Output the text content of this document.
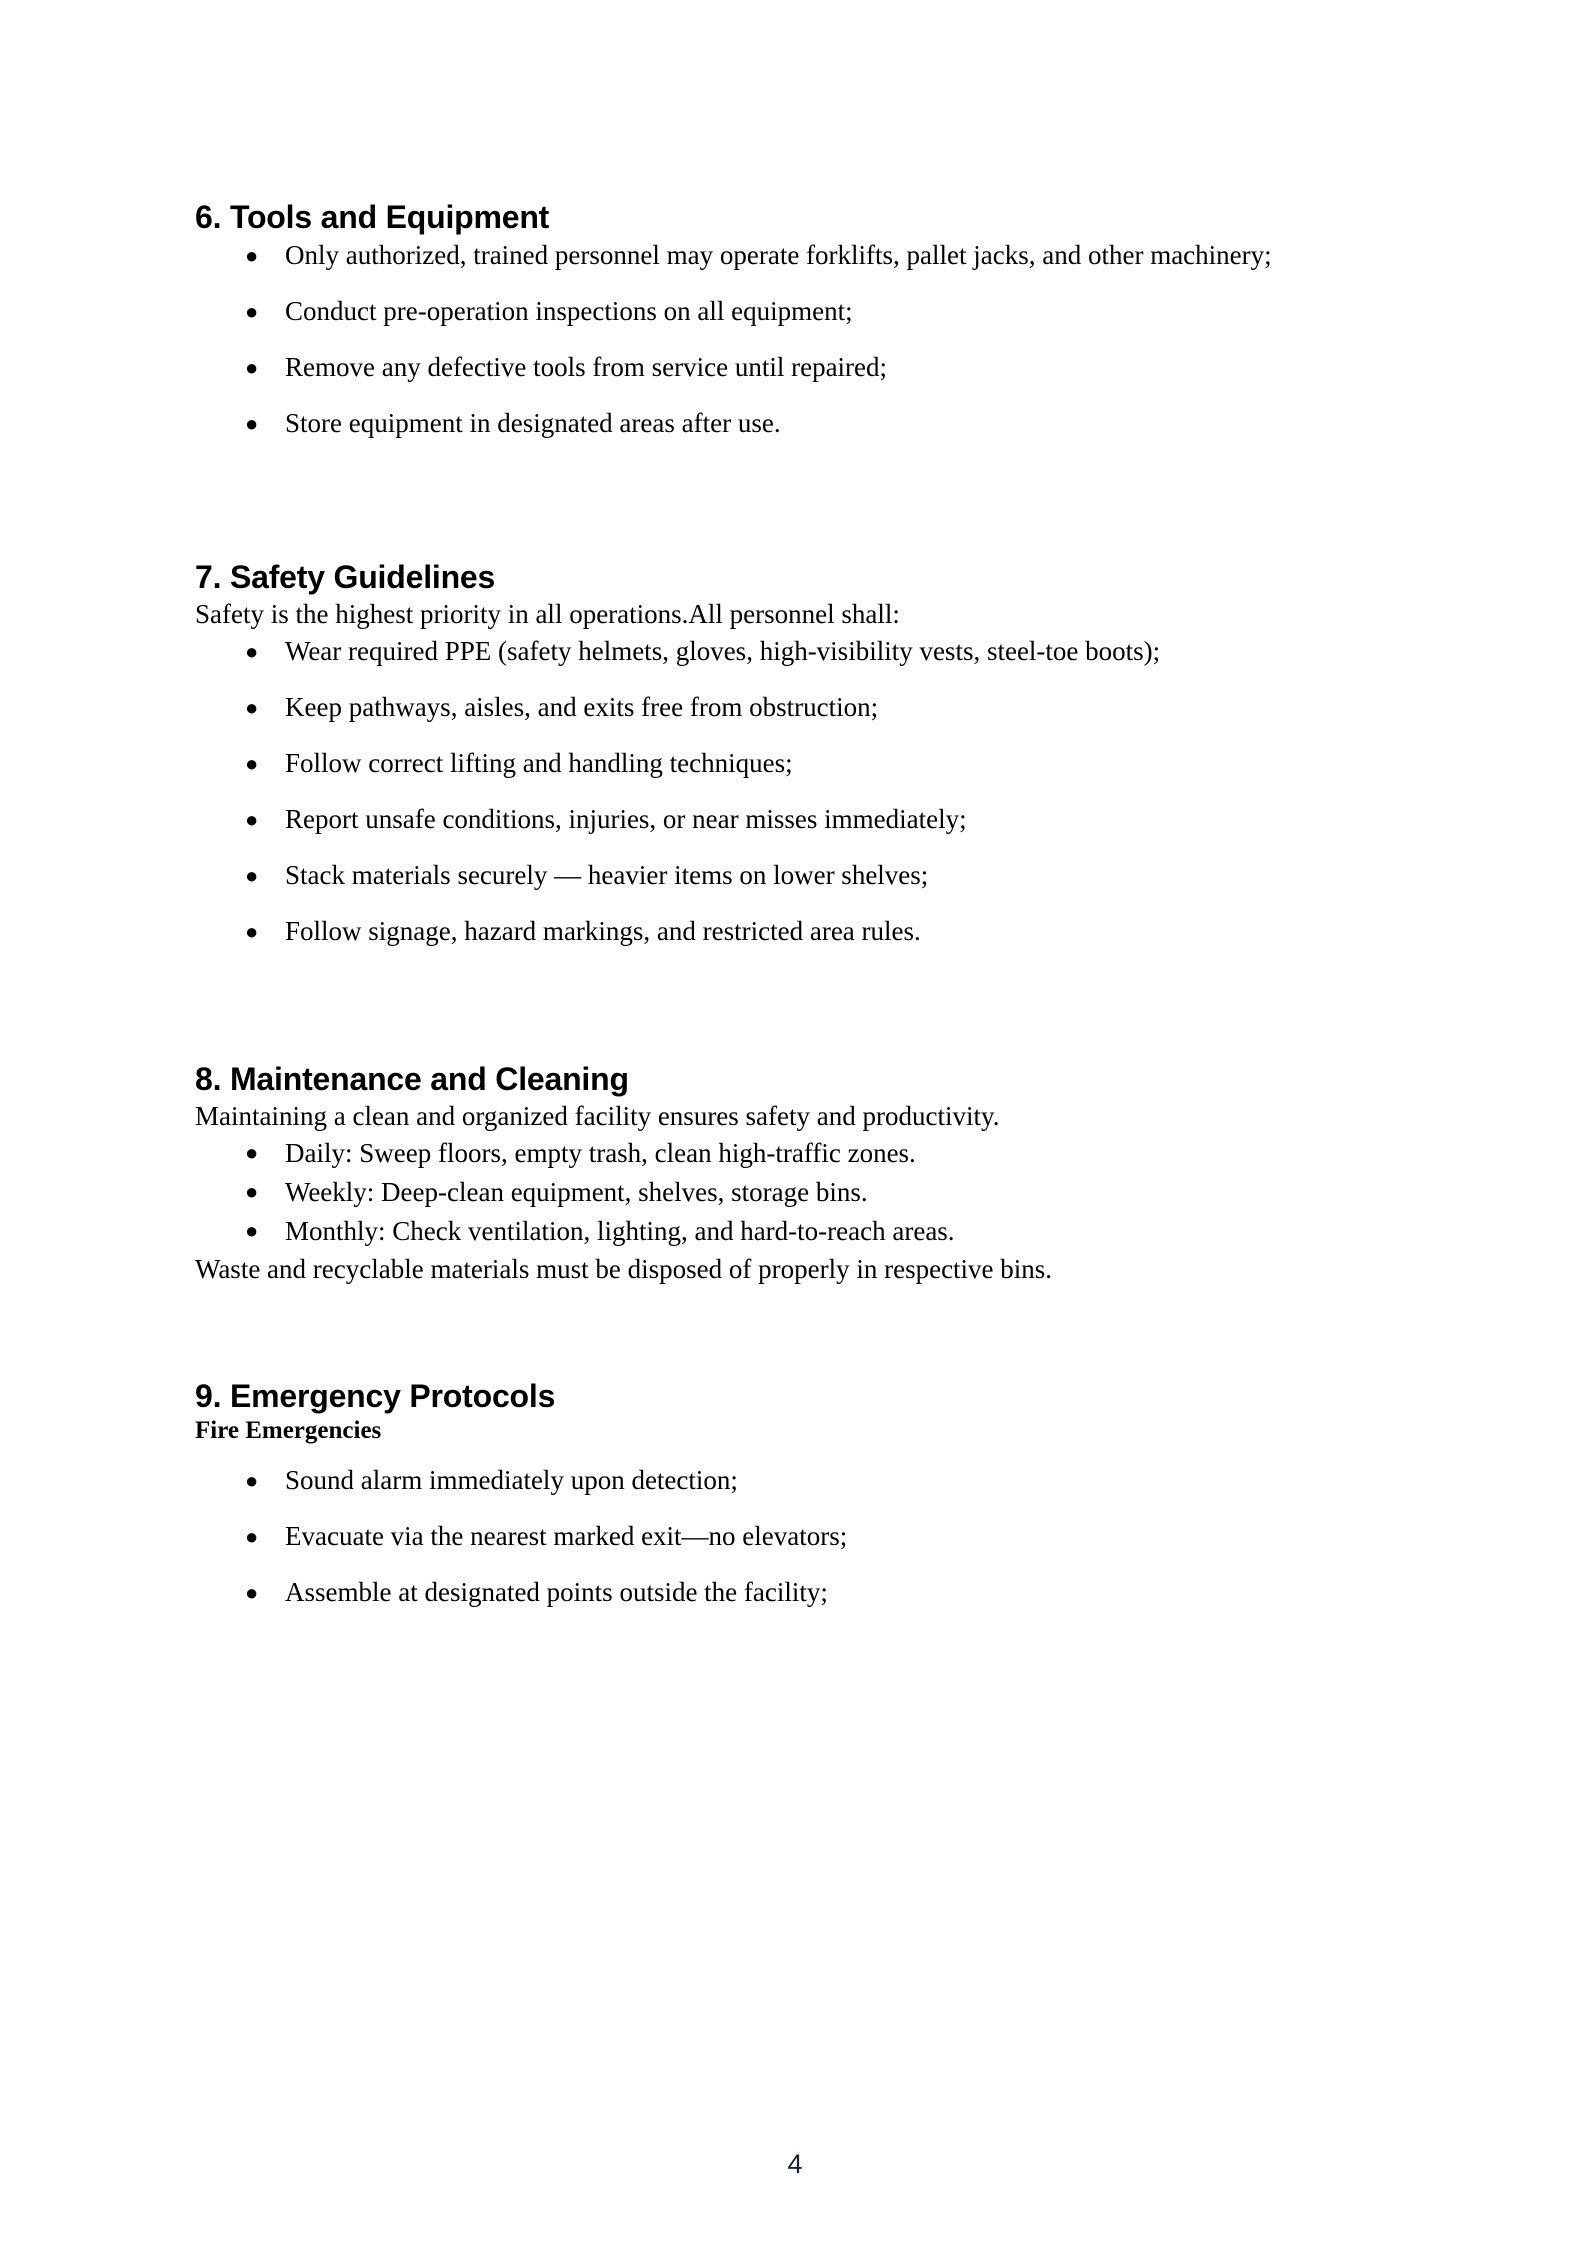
6. Tools and Equipment
● Only authorized, trained personnel may operate forklifts, pallet jacks, and other machinery;
● Conduct pre-operation inspections on all equipment;
● Remove any defective tools from service until repaired;
● Store equipment in designated areas after use.
7. Safety Guidelines

Safety is the highest priority in all operations.All personnel shall:

● Wear required PPE (safety helmets, gloves, high-visibility vests, steel-toe boots);
● Keep pathways, aisles, and exits free from obstruction;
● Follow correct lifting and handling techniques;
● Report unsafe conditions, injuries, or near misses immediately;
● Stack materials securely — heavier items on lower shelves;
● Follow signage, hazard markings, and restricted area rules.
8. Maintenance and Cleaning

Maintaining a clean and organized facility ensures safety and productivity.

● Daily: Sweep floors, empty trash, clean high-traffic zones.
● Weekly: Deep-clean equipment, shelves, storage bins.
● Monthly: Check ventilation, lighting, and hard-to-reach areas.

Waste and recyclable materials must be disposed of properly in respective bins.

9. Emergency Protocols
Fire Emergencies
● Sound alarm immediately upon detection;
● Evacuate via the nearest marked exit—no elevators;
● Assemble at designated points outside the facility;
4
